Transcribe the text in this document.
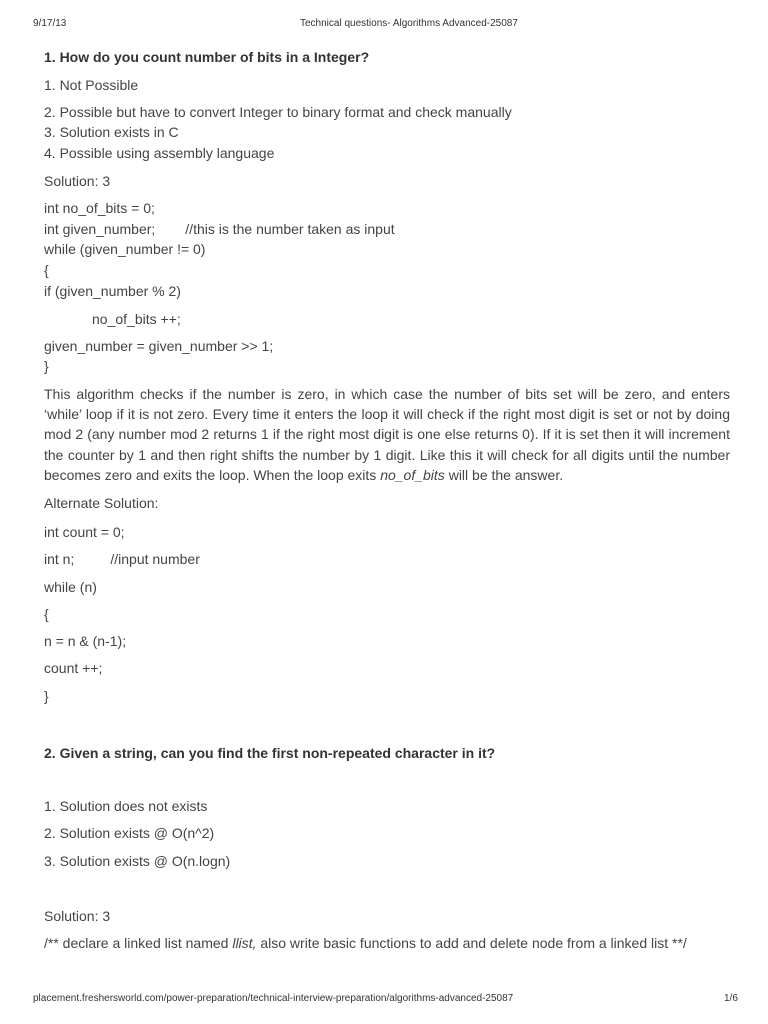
9/17/13	Technical questions- Algorithms Advanced-25087
1. How do you count number of bits in a Integer?
1. Not Possible
2. Possible but have to convert Integer to binary format and check manually
3. Solution exists in C
4. Possible using assembly language
Solution: 3
int no_of_bits = 0;
int given_number; //this is the number taken as input
while (given_number != 0)
{
if (given_number % 2)
no_of_bits ++;
given_number = given_number >> 1;
}
This algorithm checks if the number is zero, in which case the number of bits set will be zero, and enters ‘while’ loop if it is not zero. Every time it enters the loop it will check if the right most digit is set or not by doing mod 2 (any number mod 2 returns 1 if the right most digit is one else returns 0). If it is set then it will increment the counter by 1 and then right shifts the number by 1 digit. Like this it will check for all digits until the number becomes zero and exits the loop. When the loop exits no_of_bits will be the answer.
Alternate Solution:
int count = 0;
int n;	//input number
while (n)
{
n = n & (n-1);
count ++;
}
2. Given a string, can you find the first non-repeated character in it?
1. Solution does not exists
2. Solution exists @ O(n^2)
3. Solution exists @ O(n.logn)
Solution: 3
/** declare a linked list named llist, also write basic functions to add and delete node from a linked list **/
placement.freshersworld.com/power-preparation/technical-interview-preparation/algorithms-advanced-25087	1/6
